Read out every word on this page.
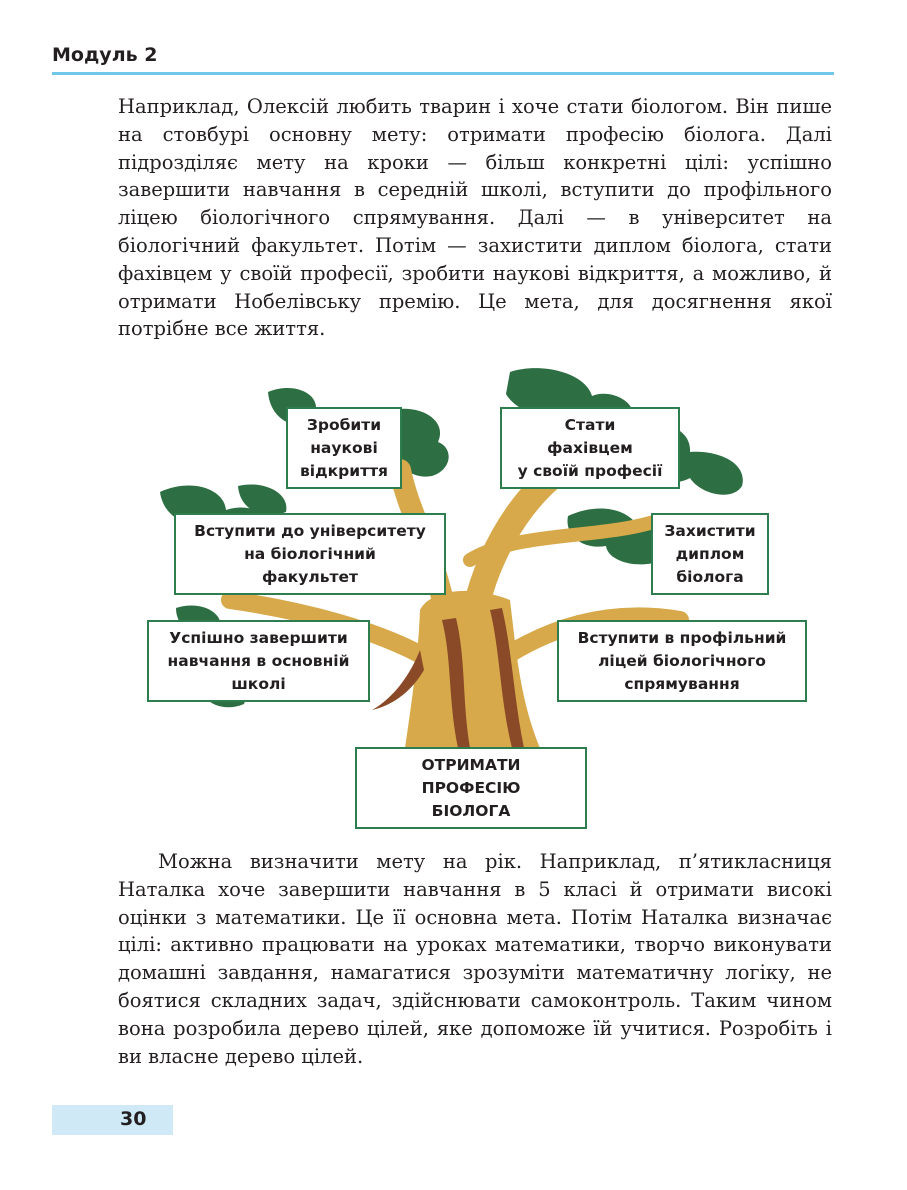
Модуль 2

Наприклад, Олексій любить тварин і хоче стати біологом. Він пише на стовбурі основну мету: отримати професію біолога. Далі підрозділяє мету на кроки — більш конкретні цілі: успішно завершити навчання в середній школі, вступити до профільного ліцею біологічного спрямування. Далі — в університет на біологічний факультет. Потім — захистити диплом біолога, стати фахівцем у своїй професії, зробити наукові відкриття, а можливо, й отримати Нобелівську премію. Це мета, для досягнення якої потрібне все життя.

Зробити
наукові
відкриття
Стати
фахівцем
у своїй професії
Вступити до університету
на біологічний
факультет
Захистити
диплом
біолога
Успішно завершити
навчання в основній
школі
Вступити в профільний
ліцей біологічного
спрямування
ОТРИМАТИ
ПРОФЕСІЮ
БІОЛОГА

Можна визначити мету на рік. Наприклад, п’ятикласниця Наталка хоче завершити навчання в 5 класі й отримати високі оцінки з математики. Це її основна мета. Потім Наталка визначає цілі: активно працювати на уроках математики, творчо виконувати домашні завдання, намагатися зрозуміти математичну логіку, не боятися складних задач, здійснювати самоконтроль. Таким чином вона розробила дерево цілей, яке допоможе їй учитися. Розробіть і ви власне дерево цілей.

30
